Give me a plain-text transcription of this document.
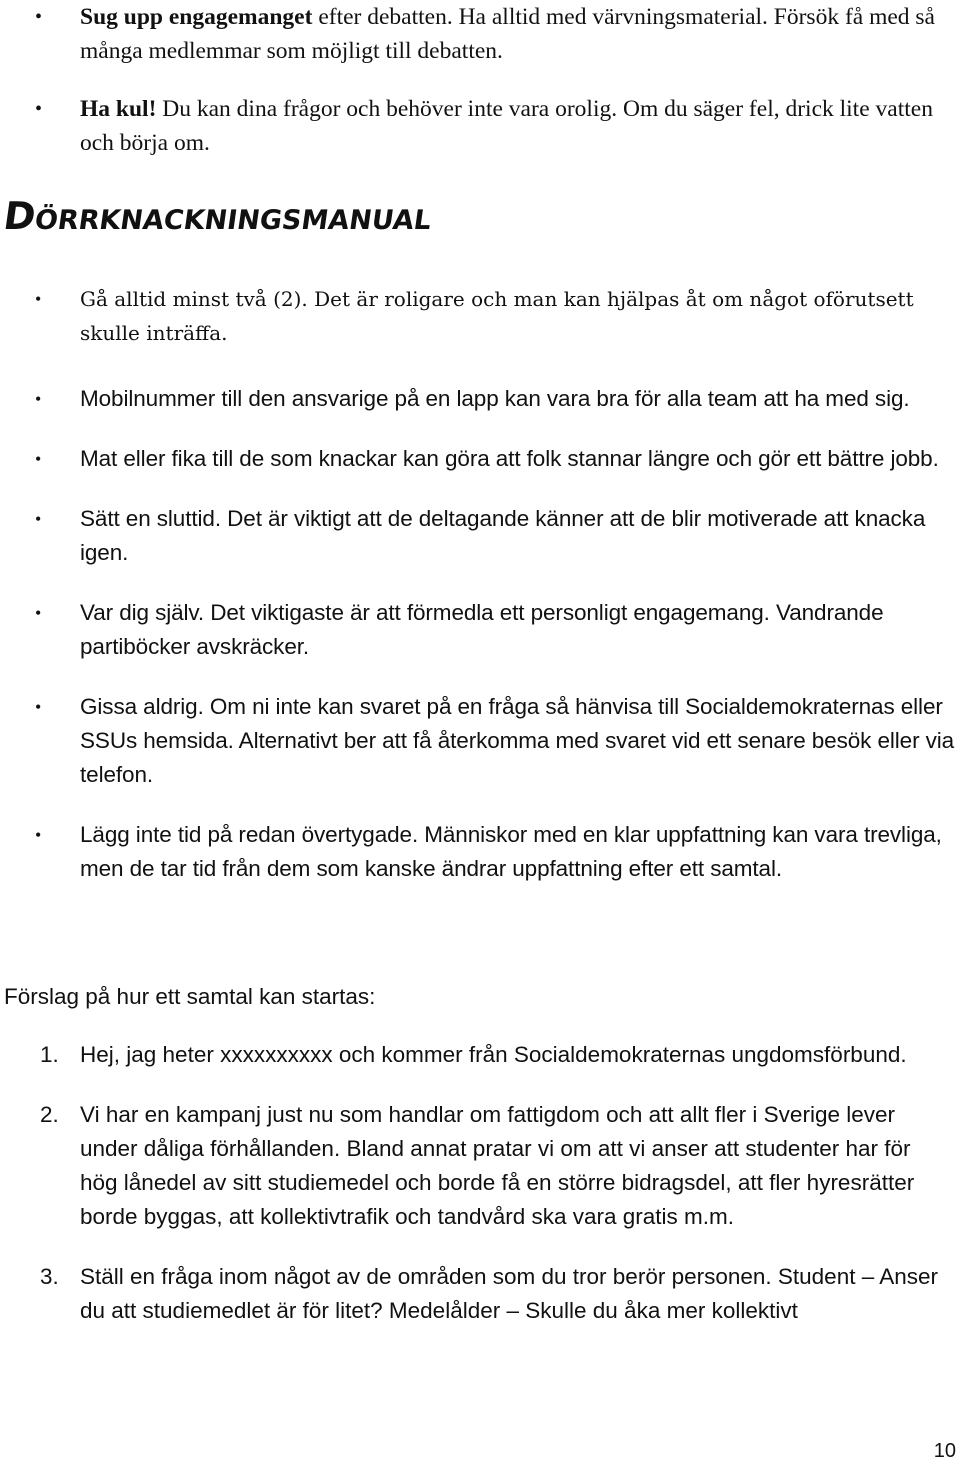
• Sug upp engagemanget efter debatten. Ha alltid med värvningsmaterial. Försök få med så många medlemmar som möjligt till debatten.
• Ha kul! Du kan dina frågor och behöver inte vara orolig. Om du säger fel, drick lite vatten och börja om.
Dörrknackningsmanual
• Gå alltid minst två (2). Det är roligare och man kan hjälpas åt om något oförutsett skulle inträffa.
• Mobilnummer till den ansvarige på en lapp kan vara bra för alla team att ha med sig.
• Mat eller fika till de som knackar kan göra att folk stannar längre och gör ett bättre jobb.
• Sätt en sluttid. Det är viktigt att de deltagande känner att de blir motiverade att knacka igen.
• Var dig själv. Det viktigaste är att förmedla ett personligt engagemang. Vandrande partiböcker avskräcker.
• Gissa aldrig. Om ni inte kan svaret på en fråga så hänvisa till Socialdemokraternas eller SSUs hemsida. Alternativt ber att få återkomma med svaret vid ett senare besök eller via telefon.
• Lägg inte tid på redan övertygade. Människor med en klar uppfattning kan vara trevliga, men de tar tid från dem som kanske ändrar uppfattning efter ett samtal.

Förslag på hur ett samtal kan startas:

1. Hej, jag heter xxxxxxxxxx och kommer från Socialdemokraternas ungdomsförbund.
2. Vi har en kampanj just nu som handlar om fattigdom och att allt fler i Sverige lever under dåliga förhållanden. Bland annat pratar vi om att vi anser att studenter har för hög lånedel av sitt studiemedel och borde få en större bidragsdel, att fler hyresrätter borde byggas, att kollektivtrafik och tandvård ska vara gratis m.m.
3. Ställ en fråga inom något av de områden som du tror berör personen. Student – Anser du att studiemedlet är för litet? Medelålder – Skulle du åka mer kollektivt
10
